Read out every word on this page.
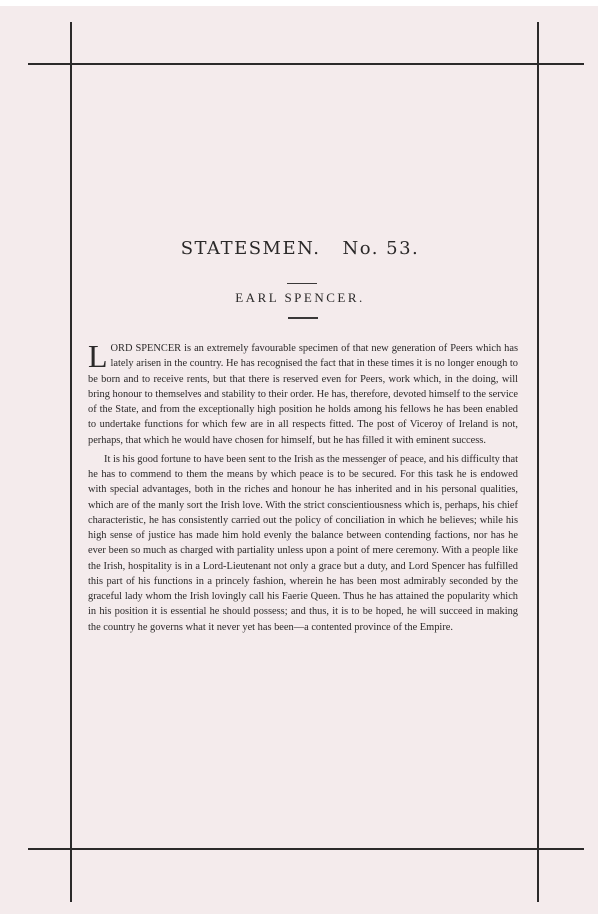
STATESMEN. No. 53.
EARL SPENCER.

LORD SPENCER is an extremely favourable specimen of that new generation of Peers which has lately arisen in the country. He has recognised the fact that in these times it is no longer enough to be born and to receive rents, but that there is reserved even for Peers, work which, in the doing, will bring honour to themselves and stability to their order. He has, therefore, devoted himself to the service of the State, and from the exceptionally high position he holds among his fellows he has been enabled to undertake functions for which few are in all respects fitted. The post of Viceroy of Ireland is not, perhaps, that which he would have chosen for himself, but he has filled it with eminent success.

It is his good fortune to have been sent to the Irish as the messenger of peace, and his difficulty that he has to commend to them the means by which peace is to be secured. For this task he is endowed with special advantages, both in the riches and honour he has inherited and in his personal qualities, which are of the manly sort the Irish love. With the strict conscientiousness which is, perhaps, his chief characteristic, he has consistently carried out the policy of conciliation in which he believes; while his high sense of justice has made him hold evenly the balance between contending factions, nor has he ever been so much as charged with partiality unless upon a point of mere ceremony. With a people like the Irish, hospitality is in a Lord-Lieutenant not only a grace but a duty, and Lord Spencer has fulfilled this part of his functions in a princely fashion, wherein he has been most admirably seconded by the graceful lady whom the Irish lovingly call his Faerie Queen. Thus he has attained the popularity which in his position it is essential he should possess; and thus, it is to be hoped, he will succeed in making the country he governs what it never yet has been—a contented province of the Empire.
